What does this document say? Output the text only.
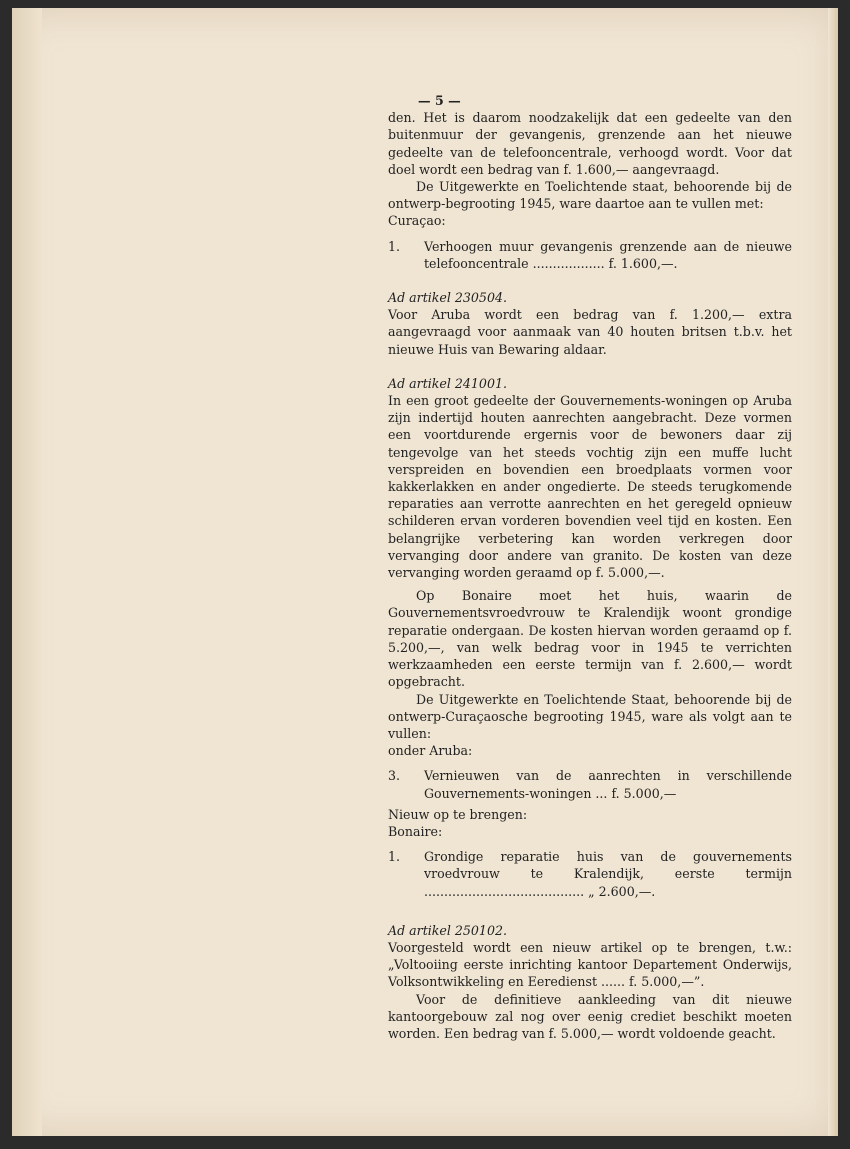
— 5 —

den. Het is daarom noodzakelijk dat een gedeelte van den buitenmuur der gevangenis, grenzende aan het nieuwe gedeelte van de telefooncentrale, verhoogd wordt. Voor dat doel wordt een bedrag van f. 1.600,— aangevraagd.

De Uitgewerkte en Toelichtende staat, behoorende bij de ontwerp-begrooting 1945, ware daartoe aan te vullen met:

Curaçao:

1.	Verhoogen muur gevangenis grenzende aan de nieuwe telefooncentrale .................. f. 1.600,—.

Ad artikel 230504.

Voor Aruba wordt een bedrag van f. 1.200,— extra aangevraagd voor aanmaak van 40 houten britsen t.b.v. het nieuwe Huis van Bewaring aldaar.

Ad artikel 241001.

In een groot gedeelte der Gouvernements-woningen op Aruba zijn indertijd houten aanrechten aangebracht. Deze vormen een voortdurende ergernis voor de bewoners daar zij tengevolge van het steeds vochtig zijn een muffe lucht verspreiden en bovendien een broedplaats vormen voor kakkerlakken en ander ongedierte. De steeds terugkomende reparaties aan verrotte aanrechten en het geregeld opnieuw schilderen ervan vorderen bovendien veel tijd en kosten. Een belangrijke verbetering kan worden verkregen door vervanging door andere van granito. De kosten van deze vervanging worden geraamd op f. 5.000,—.

Op Bonaire moet het huis, waarin de Gouvernementsvroedvrouw te Kralendijk woont grondige reparatie ondergaan. De kosten hiervan worden geraamd op f. 5.200,—, van welk bedrag voor in 1945 te verrichten werkzaamheden een eerste termijn van f. 2.600,— wordt opgebracht.

De Uitgewerkte en Toelichtende Staat, behoorende bij de ontwerp-Curaçaosche begrooting 1945, ware als volgt aan te vullen:

onder Aruba:

3.	Vernieuwen van de aanrechten in verschillende Gouvernements-woningen ... f. 5.000,—

Nieuw op te brengen:

Bonaire:

1.	Grondige reparatie huis van de gouvernements vroedvrouw te Kralendijk, eerste termijn ........................................ „ 2.600,—.

Ad artikel 250102.

Voorgesteld wordt een nieuw artikel op te brengen, t.w.: „Voltooiing eerste inrichting kantoor Departement Onderwijs, Volksontwikkeling en Eeredienst ...... f. 5.000,—”.

Voor de definitieve aankleeding van dit nieuwe kantoorgebouw zal nog over eenig crediet beschikt moeten worden. Een bedrag van f. 5.000,— wordt voldoende geacht.
